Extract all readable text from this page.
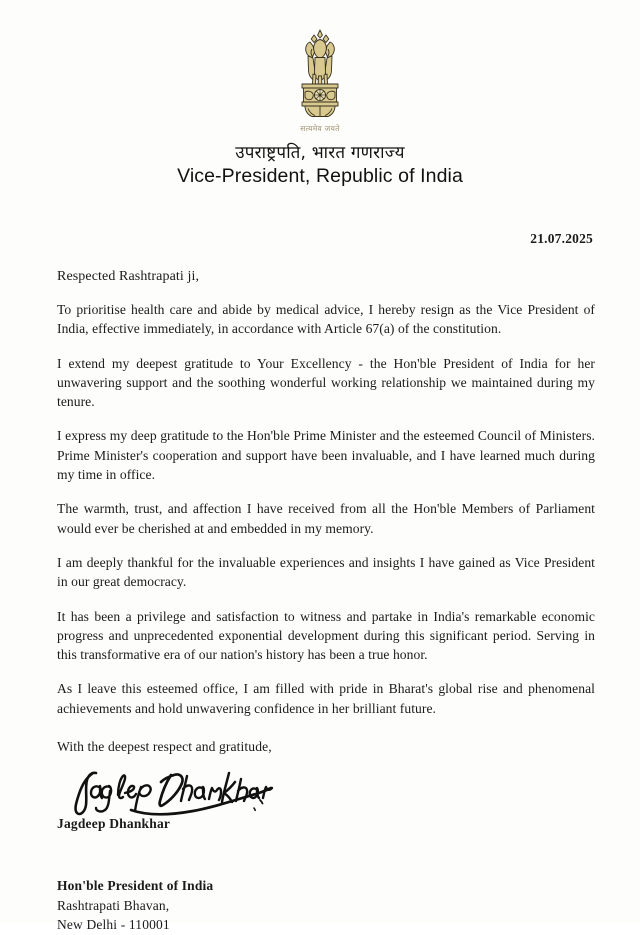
सत्यमेव जयते
उपराष्ट्रपति, भारत गणराज्य
Vice-President, Republic of India

21.07.2025

Respected Rashtrapati ji,

To prioritise health care and abide by medical advice, I hereby resign as the Vice President of India, effective immediately, in accordance with Article 67(a) of the constitution.

I extend my deepest gratitude to Your Excellency - the Hon'ble President of India for her unwavering support and the soothing wonderful working relationship we maintained during my tenure.

I express my deep gratitude to the Hon'ble Prime Minister and the esteemed Council of Ministers. Prime Minister's cooperation and support have been invaluable, and I have learned much during my time in office.

The warmth, trust, and affection I have received from all the Hon'ble Members of Parliament would ever be cherished at and embedded in my memory.

I am deeply thankful for the invaluable experiences and insights I have gained as Vice President in our great democracy.

It has been a privilege and satisfaction to witness and partake in India's remarkable economic progress and unprecedented exponential development during this significant period. Serving in this transformative era of our nation's history has been a true honor.

As I leave this esteemed office, I am filled with pride in Bharat's global rise and phenomenal achievements and hold unwavering confidence in her brilliant future.

With the deepest respect and gratitude,

Jagdeep Dhankhar

Hon'ble President of India

Rashtrapati Bhavan,

New Delhi - 110001
